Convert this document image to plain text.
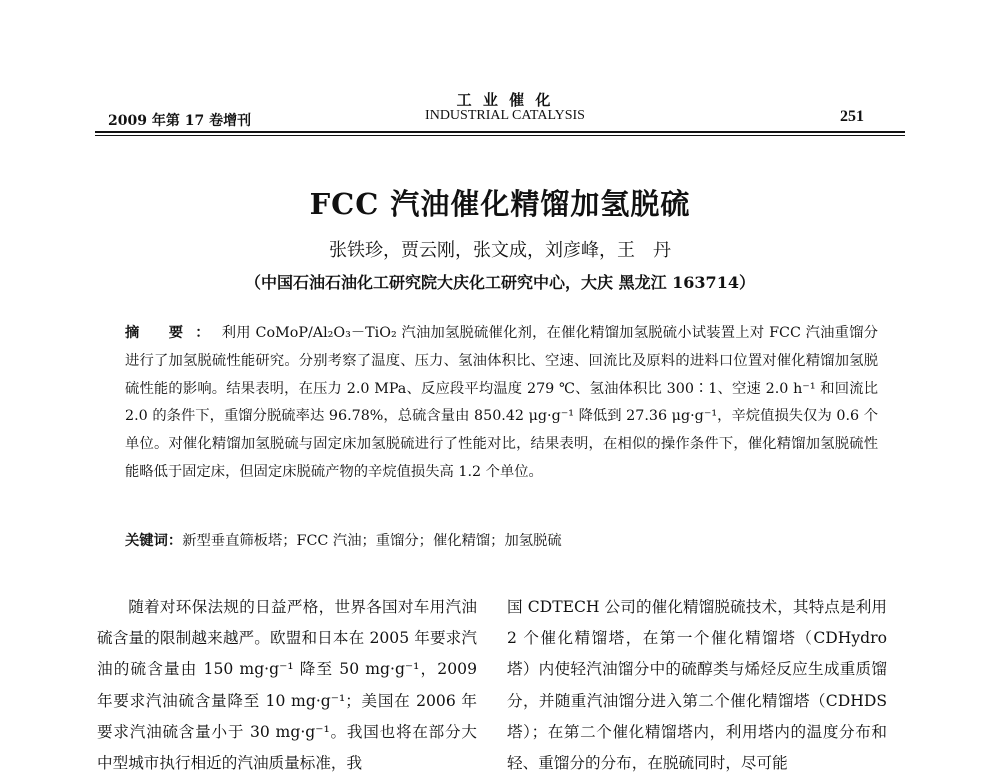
工 业 催 化
INDUSTRIAL CATALYSIS
2009 年第 17 卷增刊	251
FCC 汽油催化精馏加氢脱硫
张铁珍，贾云刚，张文成，刘彦峰，王　丹
（中国石油石油化工研究院大庆化工研究中心，大庆 黑龙江 163714）
摘 要：利用 CoMoP/Al₂O₃－TiO₂ 汽油加氢脱硫催化剂，在催化精馏加氢脱硫小试装置上对 FCC 汽油重馏分进行了加氢脱硫性能研究。分别考察了温度、压力、氢油体积比、空速、回流比及原料的进料口位置对催化精馏加氢脱硫性能的影响。结果表明，在压力 2.0 MPa、反应段平均温度 279 ℃、氢油体积比 300∶1、空速 2.0 h⁻¹ 和回流比 2.0 的条件下，重馏分脱硫率达 96.78%，总硫含量由 850.42 μg·g⁻¹ 降低到 27.36 μg·g⁻¹，辛烷值损失仅为 0.6 个单位。对催化精馏加氢脱硫与固定床加氢脱硫进行了性能对比，结果表明，在相似的操作条件下，催化精馏加氢脱硫性能略低于固定床，但固定床脱硫产物的辛烷值损失高 1.2 个单位。
关键词：新型垂直筛板塔；FCC 汽油；重馏分；催化精馏；加氢脱硫

随着对环保法规的日益严格，世界各国对车用汽油硫含量的限制越来越严。欧盟和日本在 2005 年要求汽油的硫含量由 150 mg·g⁻¹ 降至 50 mg·g⁻¹，2009 年要求汽油硫含量降至 10 mg·g⁻¹；美国在 2006 年要求汽油硫含量小于 30 mg·g⁻¹。我国也将在部分大中型城市执行相近的汽油质量标准，我

国 CDTECH 公司的催化精馏脱硫技术，其特点是利用 2 个催化精馏塔，在第一个催化精馏塔（CDHydro 塔）内使轻汽油馏分中的硫醇类与烯烃反应生成重质馏分，并随重汽油馏分进入第二个催化精馏塔（CDHDS 塔）；在第二个催化精馏塔内，利用塔内的温度分布和轻、重馏分的分布，在脱硫同时，尽可能
